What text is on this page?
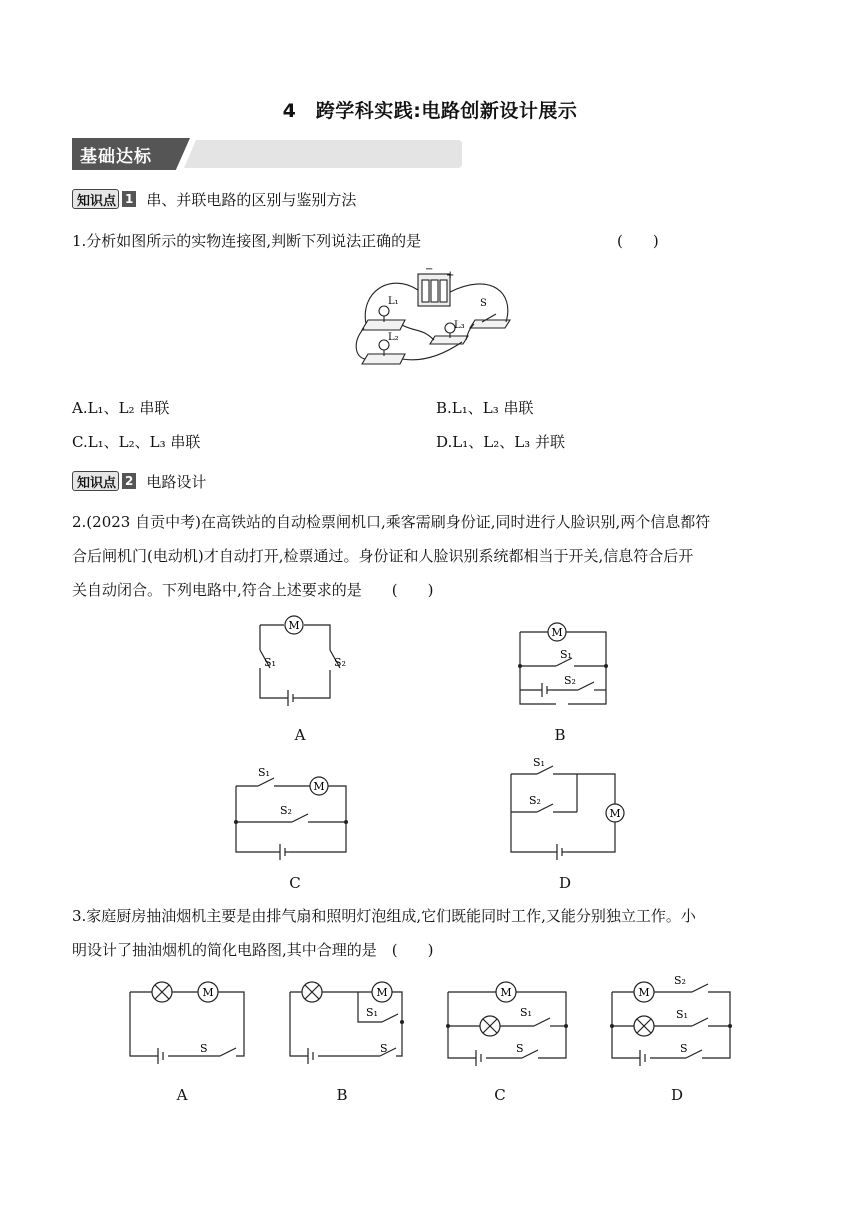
4　跨学科实践:电路创新设计展示
基础达标
知识点 1 串、并联电路的区别与鉴别方法
1.分析如图所示的实物连接图,判断下列说法正确的是	(　　)
−
+
L₁
L₂
L₃
S
A.L₁、L₂ 串联	B.L₁、L₃ 串联
C.L₁、L₂、L₃ 串联	D.L₁、L₂、L₃ 并联
知识点 2 电路设计
2.(2023 自贡中考)在高铁站的自动检票闸机口,乘客需刷身份证,同时进行人脸识别,两个信息都符
合后闸机门(电动机)才自动打开,检票通过。身份证和人脸识别系统都相当于开关,信息符合后开
关自动闭合。下列电路中,符合上述要求的是　　(　　)
M
S₁	S₂
A
M
S₁
S₂
B
S₁
M
S₂
C
S₁
S₂
M
D
3.家庭厨房抽油烟机主要是由排气扇和照明灯泡组成,它们既能同时工作,又能分别独立工作。小
明设计了抽油烟机的简化电路图,其中合理的是　(　　)
M
S
A
M
S₁
S
B
M
S₁
S
C
M
S₂
S₁
S
D
